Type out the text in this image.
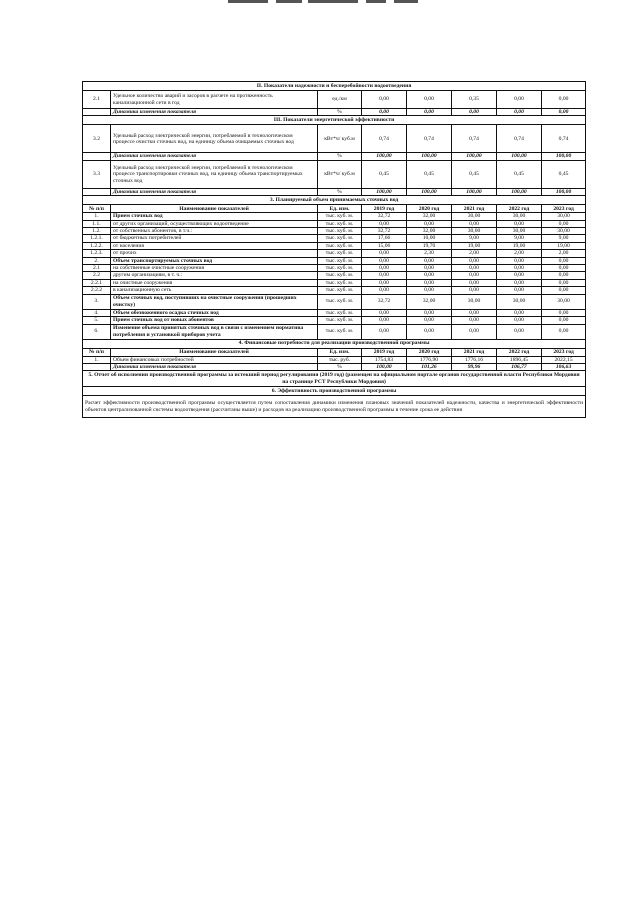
II. Показатели надежности и бесперебойности водоотведения							
2.1	Удельное количество аварий и засоров в расчете на протяженность канализационной сети в год	ед./км	0,00	0,00	0,35	0,00	0,00
	Динамика изменения показателя	%	0,00	0,00	0,00	0,00	0,00
III. Показатели энергетической эффективности							
3.2	Удельный расход электрической энергии, потребляемой в технологическом процессе очистки сточных вод, на единицу объема очищаемых сточных вод	кВт*ч/ куб.м	0,74	0,74	0,74	0,74	0,74
	Динамика изменения показателя	%	100,00	100,00	100,00	100,00	100,00
3.3	Удельный расход электрической энергии, потребляемой в технологическом процессе транспортировки сточных вод, на единицу объема транспортируемых сточных вод	кВт*ч/ куб.м	0,45	0,45	0,45	0,45	0,45
	Динамика изменения показателя	%	100,00	100,00	100,00	100,00	100,00
3. Планируемый объем принимаемых сточных вод							
№ п/п	Наименование показателей	Ед. изм.	2019 год	2020 год	2021 год	2022 год	2023 год
1.	Прием сточных вод	тыс. куб. м.	32,72	32,00	30,00	30,00	30,00
1.1.	от других организаций, осуществляющих водоотведение	тыс. куб. м.	0,00	0,00	0,00	0,00	0,00
1.2.	от собственных абонентов, в т.ч.:	тыс. куб. м.	32,72	32,00	30,00	30,00	30,00
1.2.1.	от бюджетных потребителей	тыс. куб. м.	17,66	10,00	9,00	9,00	9,00
1.2.2.	от населения	тыс. куб. м.	15,06	19,70	19,00	19,00	19,00
1.2.3.	от прочих	тыс. куб. м.	0,00	2,30	2,00	2,00	2,00
2.	Объем транспортируемых сточных вод	тыс. куб. м.	0,00	0,00	0,00	0,00	0,00
2.1	на собственные очистные сооружения	тыс. куб. м.	0,00	0,00	0,00	0,00	0,00
2.2	другим организациям, в т. ч.:	тыс. куб. м.	0,00	0,00	0,00	0,00	0,00
2.2.1	на очистные сооружения	тыс. куб. м.	0,00	0,00	0,00	0,00	0,00
2.2.2	в канализационную сеть	тыс. куб. м.	0,00	0,00	0,00	0,00	0,00
3.	Объем сточных вод, поступивших на очистные сооружения (прошедших очистку)	тыс. куб. м.	32,72	32,00	30,00	30,00	30,00
4.	Объем обезвоженного осадка сточных вод	тыс. куб. м.	0,00	0,00	0,00	0,00	0,00
5.	Прием сточных вод от новых абонентов	тыс. куб. м.	0,00	0,00	0,00	0,00	0,00
6.	Изменение объема принятых сточных вод в связи с изменением норматива потребления и установкой приборов учета	тыс. куб. м.	0,00	0,00	0,00	0,00	0,00
4. Финансовые потребности для реализации производственной программы							
№ п/п	Наименование показателей	Ед. изм.	2019 год	2020 год	2021 год	2022 год	2023 год
1.	Объем финансовых потребностей	тыс. руб.	1754,83	1776,90	1776,16	1896,45	2022,15
	Динамика изменения показателя	%	100,00	101,26	99,96	106,77	106,63
5. Отчет об исполнении производственной программы за истекший период регулирования (2019 год) (размещен на официальном портале органов государственной власти Республики Мордовия на странице РСТ Республики Мордовия)							
6. Эффективность производственной программы							
Расчет эффективности производственной программы осуществляется путем сопоставления динамики изменения плановых значений показателей надежности, качества и энергетической эффективности объектов централизованной системы водоотведения (рассчитаны выше) и расходов на реализацию производственной программы в течение срока ее действия							
